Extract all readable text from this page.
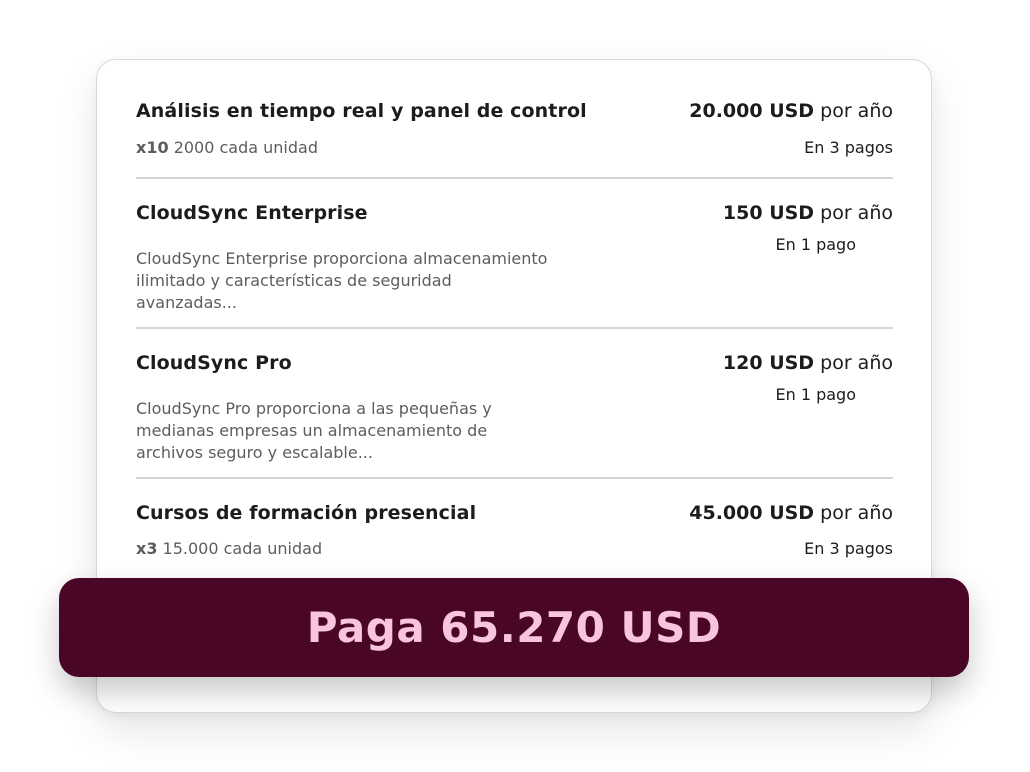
Análisis en tiempo real y panel de control
x10 2000 cada unidad
20.000 USD por año
En 3 pagos
CloudSync Enterprise
CloudSync Enterprise proporciona almacenamiento ilimitado y características de seguridad avanzadas...
150 USD por año
En 1 pago
CloudSync Pro
CloudSync Pro proporciona a las pequeñas y medianas empresas un almacenamiento de archivos seguro y escalable...
120 USD por año
En 1 pago
Cursos de formación presencial
x3 15.000 cada unidad
45.000 USD por año
En 3 pagos
Paga 65.270 USD
